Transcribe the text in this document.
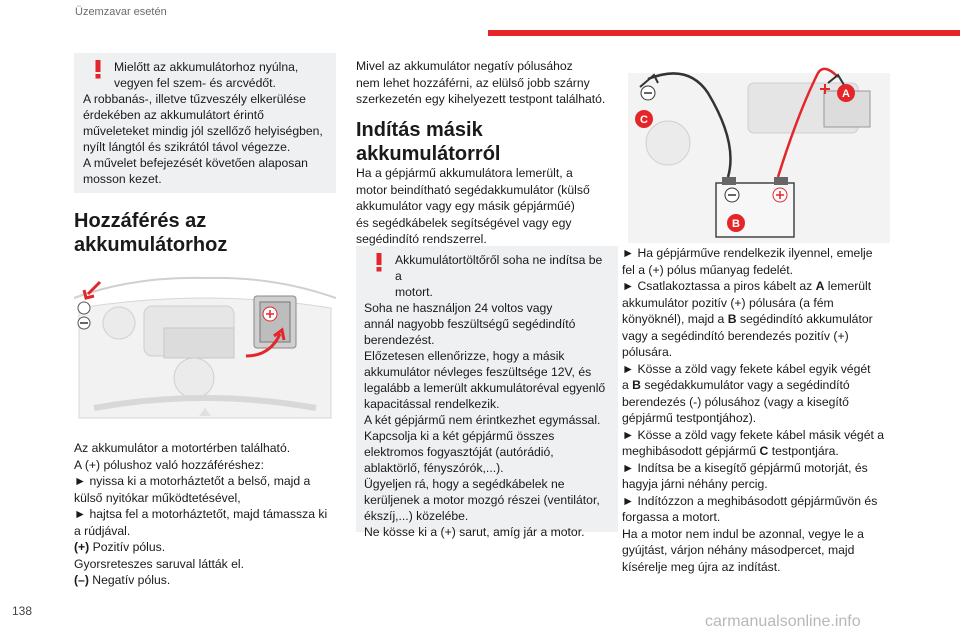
Üzemzavar esetén
Mielőtt az akkumulátorhoz nyúlna,
vegyen fel szem- és arcvédőt.
A robbanás-, illetve tűzveszély elkerülése
érdekében az akkumulátort érintő
műveleteket mindig jól szellőző helyiségben,
nyílt lángtól és szikrától távol végezze.
A művelet befejezését követően alaposan
mosson kezet.
Hozzáférés az
akkumulátorhoz
Az akkumulátor a motortérben található.
A (+) pólushoz való hozzáféréshez:
► nyissa ki a motorháztetőt a belső, majd a
külső nyitókar működtetésével,
► hajtsa fel a motorháztetőt, majd támassza ki
a rúdjával.
(+) Pozitív pólus.
Gyorsreteszes saruval látták el.
(–) Negatív pólus.
Mivel az akkumulátor negatív pólusához
nem lehet hozzáférni, az elülső jobb szárny
szerkezetén egy kihelyezett testpont található.
Indítás másik
akkumulátorról
Ha a gépjármű akkumulátora lemerült, a
motor beindítható segédakkumulátor (külső
akkumulátor vagy egy másik gépjárműé)
és segédkábelek segítségével vagy egy
segédindító rendszerrel.
Akkumulátortöltőről soha ne indítsa be a
motort.
Soha ne használjon 24 voltos vagy
annál nagyobb feszültségű segédindító
berendezést.
Előzetesen ellenőrizze, hogy a másik
akkumulátor névleges feszültsége 12V, és
legalább a lemerült akkumulátoréval egyenlő
kapacitással rendelkezik.
A két gépjármű nem érintkezhet egymással.
Kapcsolja ki a két gépjármű összes
elektromos fogyasztóját (autórádió,
ablaktörlő, fényszórók,...).
Ügyeljen rá, hogy a segédkábelek ne
kerüljenek a motor mozgó részei (ventilátor,
ékszíj,...) közelébe.
Ne kösse ki a (+) sarut, amíg jár a motor.
A
B
C
► Ha gépjárműve rendelkezik ilyennel, emelje
fel a (+) pólus műanyag fedelét.
► Csatlakoztassa a piros kábelt az A lemerült
akkumulátor pozitív (+) pólusára (a fém
könyöknél), majd a B segédindító akkumulátor
vagy a segédindító berendezés pozitív (+)
pólusára.
► Kösse a zöld vagy fekete kábel egyik végét
a B segédakkumulátor vagy a segédindító
berendezés (-) pólusához (vagy a kisegítő
gépjármű testpontjához).
► Kösse a zöld vagy fekete kábel másik végét a
meghibásodott gépjármű C testpontjára.
► Indítsa be a kisegítő gépjármű motorját, és
hagyja járni néhány percig.
► Indítózzon a meghibásodott gépjárművön és
forgassa a motort.
Ha a motor nem indul be azonnal, vegye le a
gyújtást, várjon néhány másodpercet, majd
kísérelje meg újra az indítást.
138
carmanualsonline.info
